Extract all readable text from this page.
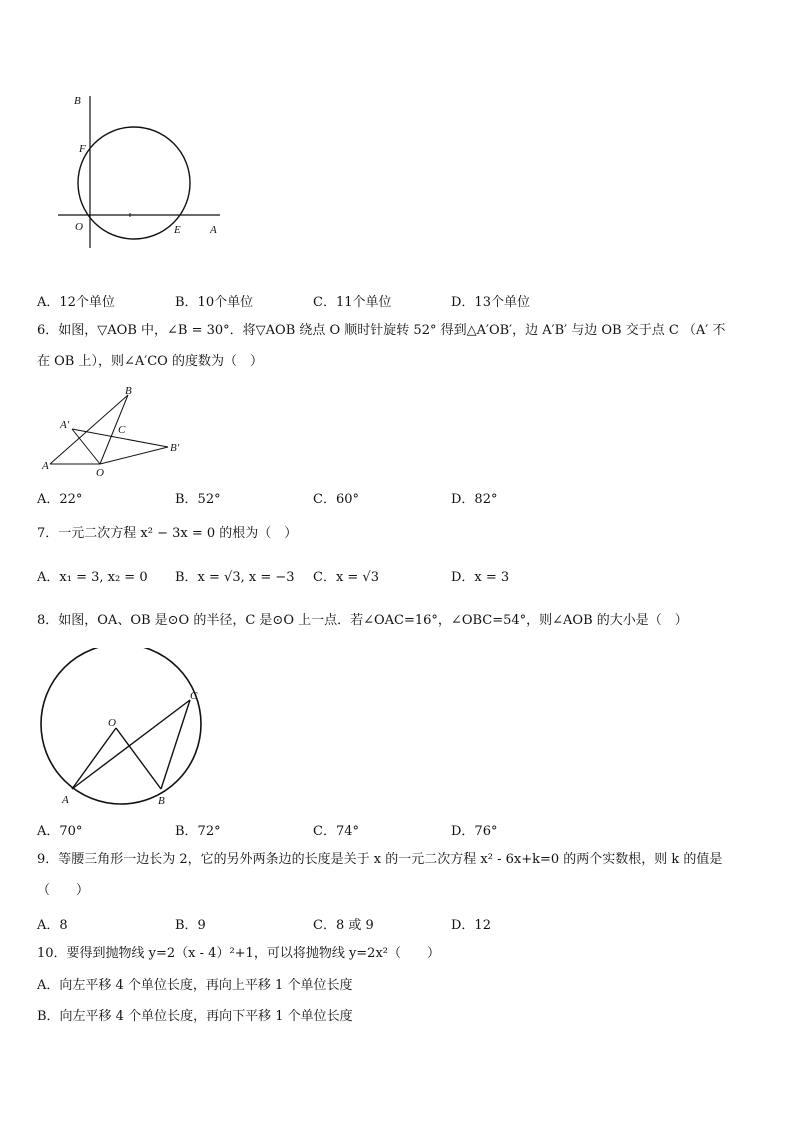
B
F
O	E	A
A．12个单位	B．10个单位	C．11个单位	D．13个单位
6．如图，▽AOB 中，∠B = 30°．将▽AOB 绕点 O 顺时针旋转 52° 得到△A′OB′，边 A′B′ 与边 OB 交于点 C （A′ 不
在 OB 上），则∠A′CO 的度数为（　）
B
A′	C
B′
A
O
A．22°	B．52°	C．60°	D．82°
7．一元二次方程 x² − 3x = 0 的根为（　）
A．x₁ = 3, x₂ = 0 B．x = √3, x = −3 C．x = √3	D．x = 3
8．如图，OA、OB 是⊙O 的半径，C 是⊙O 上一点．若∠OAC=16°，∠OBC=54°，则∠AOB 的大小是（　）
O
C
A	B
A．70°	B．72°	C．74°	D．76°
9．等腰三角形一边长为 2，它的另外两条边的长度是关于 x 的一元二次方程 x² - 6x+k=0 的两个实数根，则 k 的值是
（　　）
A．8	B．9	C．8 或 9	D．12
10．要得到抛物线 y=2（x - 4）²+1，可以将抛物线 y=2x²（　　）
A．向左平移 4 个单位长度，再向上平移 1 个单位长度
B．向左平移 4 个单位长度，再向下平移 1 个单位长度
